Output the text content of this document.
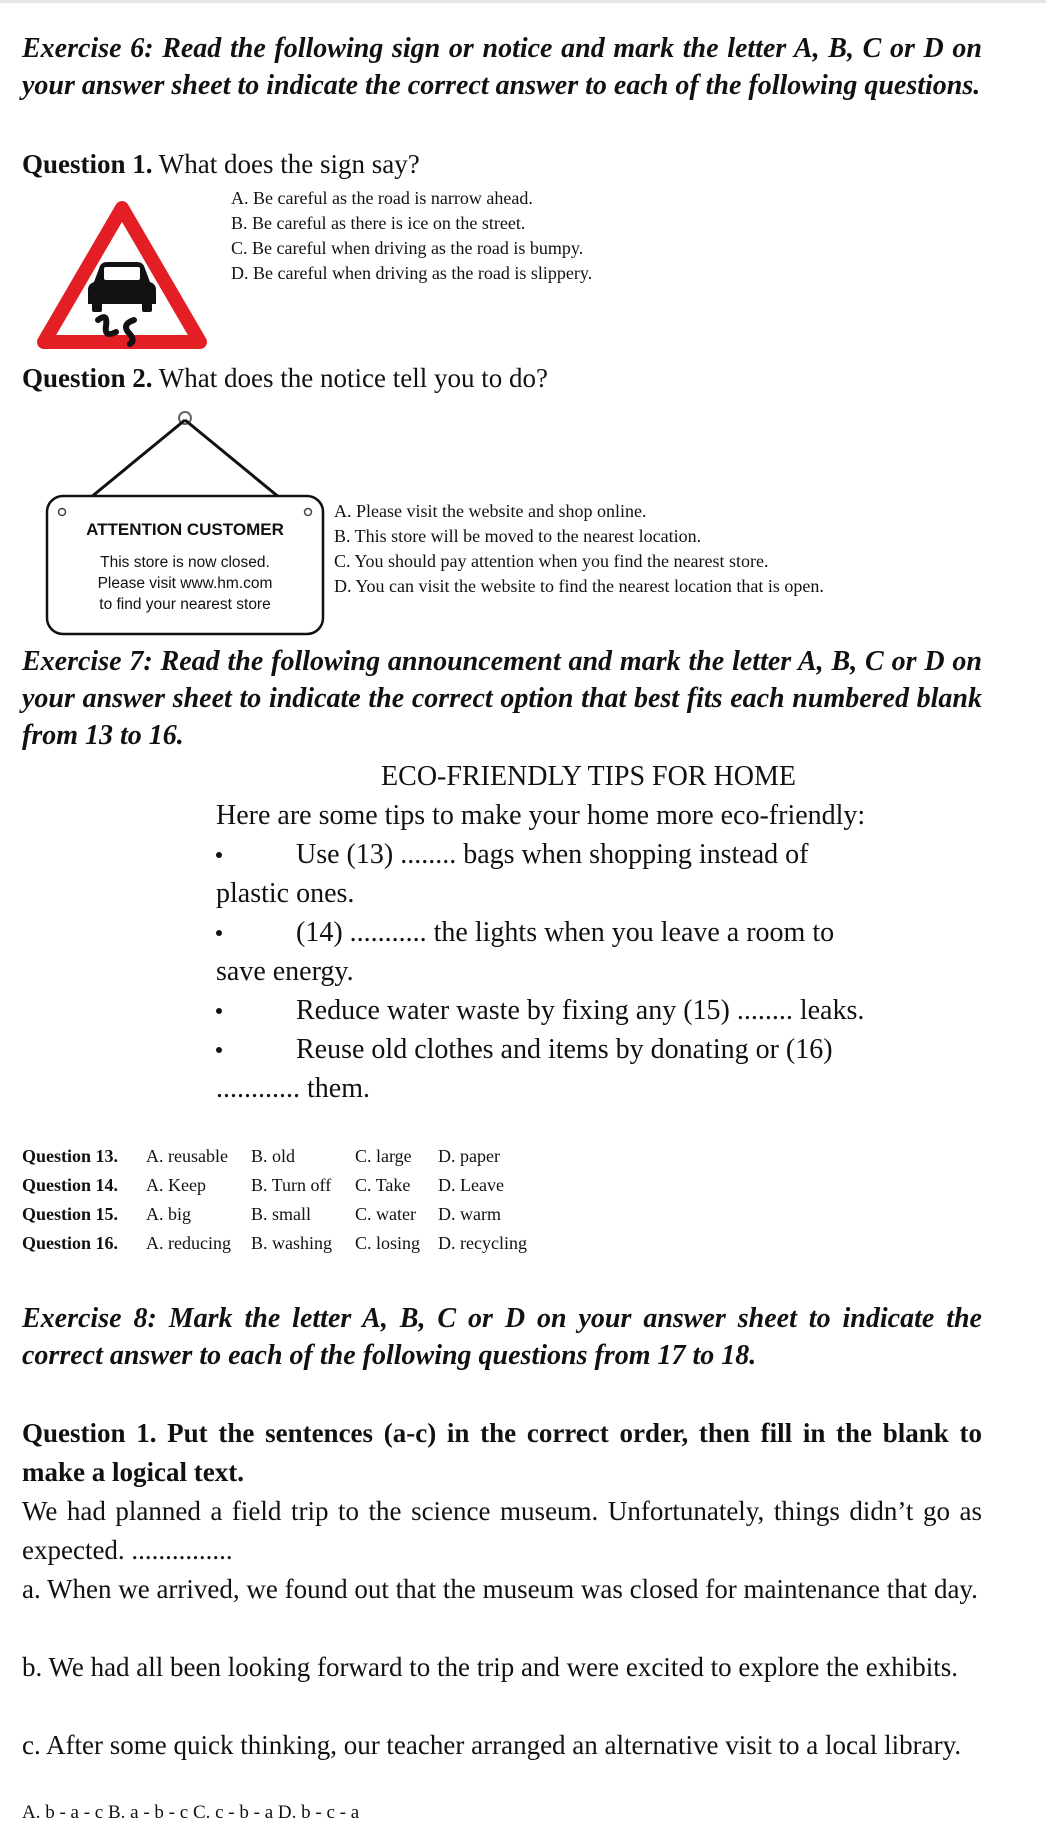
Exercise 6: Read the following sign or notice and mark the letter A, B, C or D on your answer sheet to indicate the correct answer to each of the following questions.
Question 1. What does the sign say?
A. Be careful as the road is narrow ahead.
B. Be careful as there is ice on the street.
C. Be careful when driving as the road is bumpy.
D. Be careful when driving as the road is slippery.
Question 2. What does the notice tell you to do?
ATTENTION CUSTOMER
This store is now closed.
Please visit www.hm.com
to find your nearest store
A. Please visit the website and shop online.
B. This store will be moved to the nearest location.
C. You should pay attention when you find the nearest store.
D. You can visit the website to find the nearest location that is open.
Exercise 7: Read the following announcement and mark the letter A, B, C or D on your answer sheet to indicate the correct option that best fits each numbered blank from 13 to 16.
ECO-FRIENDLY TIPS FOR HOME
Here are some tips to make your home more eco-friendly:
Use (13) ........ bags when shopping instead of
plastic ones.
(14) ........... the lights when you leave a room to
save energy.
Reduce water waste by fixing any (15) ........ leaks.
Reuse old clothes and items by donating or (16)
............ them.
Question 13. A. reusable B. old	C. large D. paper
Question 14. A. Keep	B. Turn off C. Take D. Leave
Question 15. A. big	B. small C. water D. warm
Question 16. A. reducing B. washing C. losing D. recycling
Exercise 8: Mark the letter A, B, C or D on your answer sheet to indicate the correct answer to each of the following questions from 17 to 18.
Question 1. Put the sentences (a-c) in the correct order, then fill in the blank to make a logical text.
We had planned a field trip to the science museum. Unfortunately, things didn’t go as expected. ...............
a. When we arrived, we found out that the museum was closed for maintenance that day.
b. We had all been looking forward to the trip and were excited to explore the exhibits.
c. After some quick thinking, our teacher arranged an alternative visit to a local library.
A. b - a - c B. a - b - c C. c - b - a D. b - c - a
